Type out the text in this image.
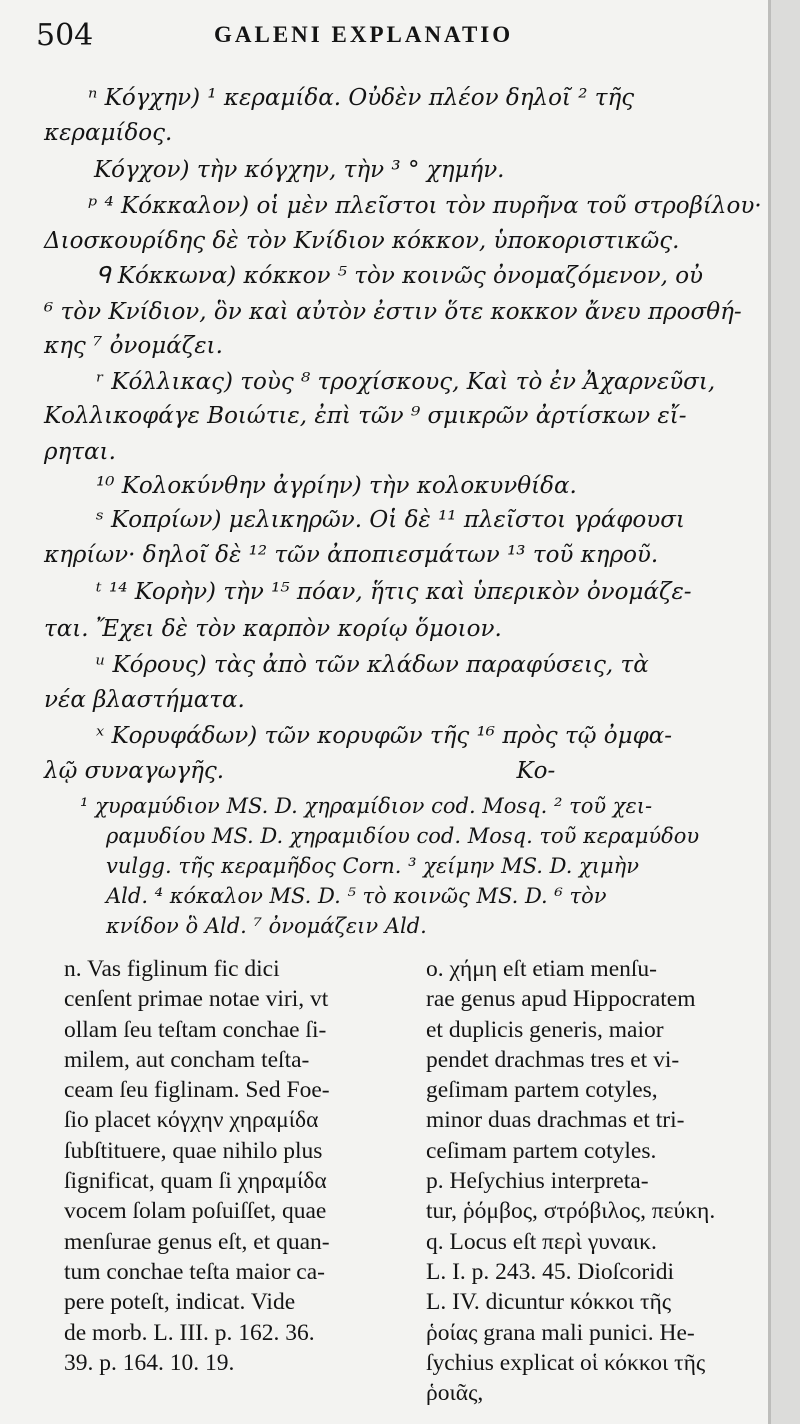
504	GALENI EXPLANATIO
ⁿ Κόγχην) ¹ κεραμίδα. Οὐδὲν πλέον δηλοῖ ² τῆς
κεραμίδος.
Κόγχον) τὴν κόγχην, τὴν ³ ° χημήν.
ᵖ ⁴ Κόκκαλον) οἱ μὲν πλεῖστοι τὸν πυρῆνα τοῦ στροβίλου·
Διοσκουρίδης δὲ τὸν Κνίδιον κόκκον, ὑποκοριστικῶς.
ᑫ Κόκκωνα) κόκκον ⁵ τὸν κοινῶς ὀνομαζόμενον, οὐ
⁶ τὸν Κνίδιον, ὃν καὶ αὐτὸν ἐστιν ὅτε κοκκον ἄνευ προσθή-
κης ⁷ ὀνομάζει.
ʳ Κόλλικας) τοὺς ⁸ τροχίσκους, Καὶ τὸ ἐν Ἀχαρνεῦσι,
Κολλικοφάγε Βοιώτιε, ἐπὶ τῶν ⁹ σμικρῶν ἀρτίσκων εἴ-
ρηται.
¹⁰ Κολοκύνθην ἀγρίην) τὴν κολοκυνθίδα.
ˢ Κοπρίων) μελικηρῶν. Οἱ δὲ ¹¹ πλεῖστοι γράφουσι
κηρίων· δηλοῖ δὲ ¹² τῶν ἀποπιεσμάτων ¹³ τοῦ κηροῦ.
ᵗ ¹⁴ Κορὴν) τὴν ¹⁵ πόαν, ἥτις καὶ ὑπερικὸν ὀνομάζε-
ται. Ἔχει δὲ τὸν καρπὸν κορίῳ ὅμοιον.
ᵘ Κόρους) τὰς ἀπὸ τῶν κλάδων παραφύσεις, τὰ
νέα βλαστήματα.
ˣ Κορυφάδων) τῶν κορυφῶν τῆς ¹⁶ πρὸς τῷ ὀμφα-
λῷ συναγωγῆς.                                        Κο-
¹ χυραμύδιον MS. D. χηραμίδιον cod. Mosq. ² τοῦ χει-
ραμυδίου MS. D. χηραμιδίου cod. Mosq. τοῦ κεραμύδου
vulgg. τῆς κεραμῆδος Corn. ³ χείμην MS. D. χιμὴν
Ald. ⁴ κόκαλον MS. D. ⁵ τὸ κοινῶς MS. D. ⁶ τὸν
κνίδον ὃ Ald. ⁷ ὀνομάζειν Ald.
n. Vas figlinum fic dici
cenſent primae notae viri, vt
ollam ſeu teſtam conchae ſi-
milem, aut concham teſta-
ceam ſeu figlinam. Sed Foe-
ſio placet κόγχην χηραμίδα
ſubſtituere, quae nihilo plus
ſignificat, quam ſi χηραμίδα
vocem ſolam poſuiſſet, quae
menſurae genus eſt, et quan-
tum conchae teſta maior ca-
pere poteſt, indicat. Vide
de morb. L. III. p. 162. 36.
39. p. 164. 10. 19.
o. χήμη eſt etiam menſu-
rae genus apud Hippocratem
et duplicis generis, maior
pendet drachmas tres et vi-
geſimam partem cotyles,
minor duas drachmas et tri-
ceſimam partem cotyles.
p. Heſychius interpreta-
tur, ῥόμβος, στρόβιλος, πεύκη.
q. Locus eſt περὶ γυναικ.
L. I. p. 243. 45. Dioſcoridi
L. IV. dicuntur κόκκοι τῆς
ῥοίας grana mali punici. He-
ſychius explicat οἱ κόκκοι τῆς
ῥοιᾶς,
